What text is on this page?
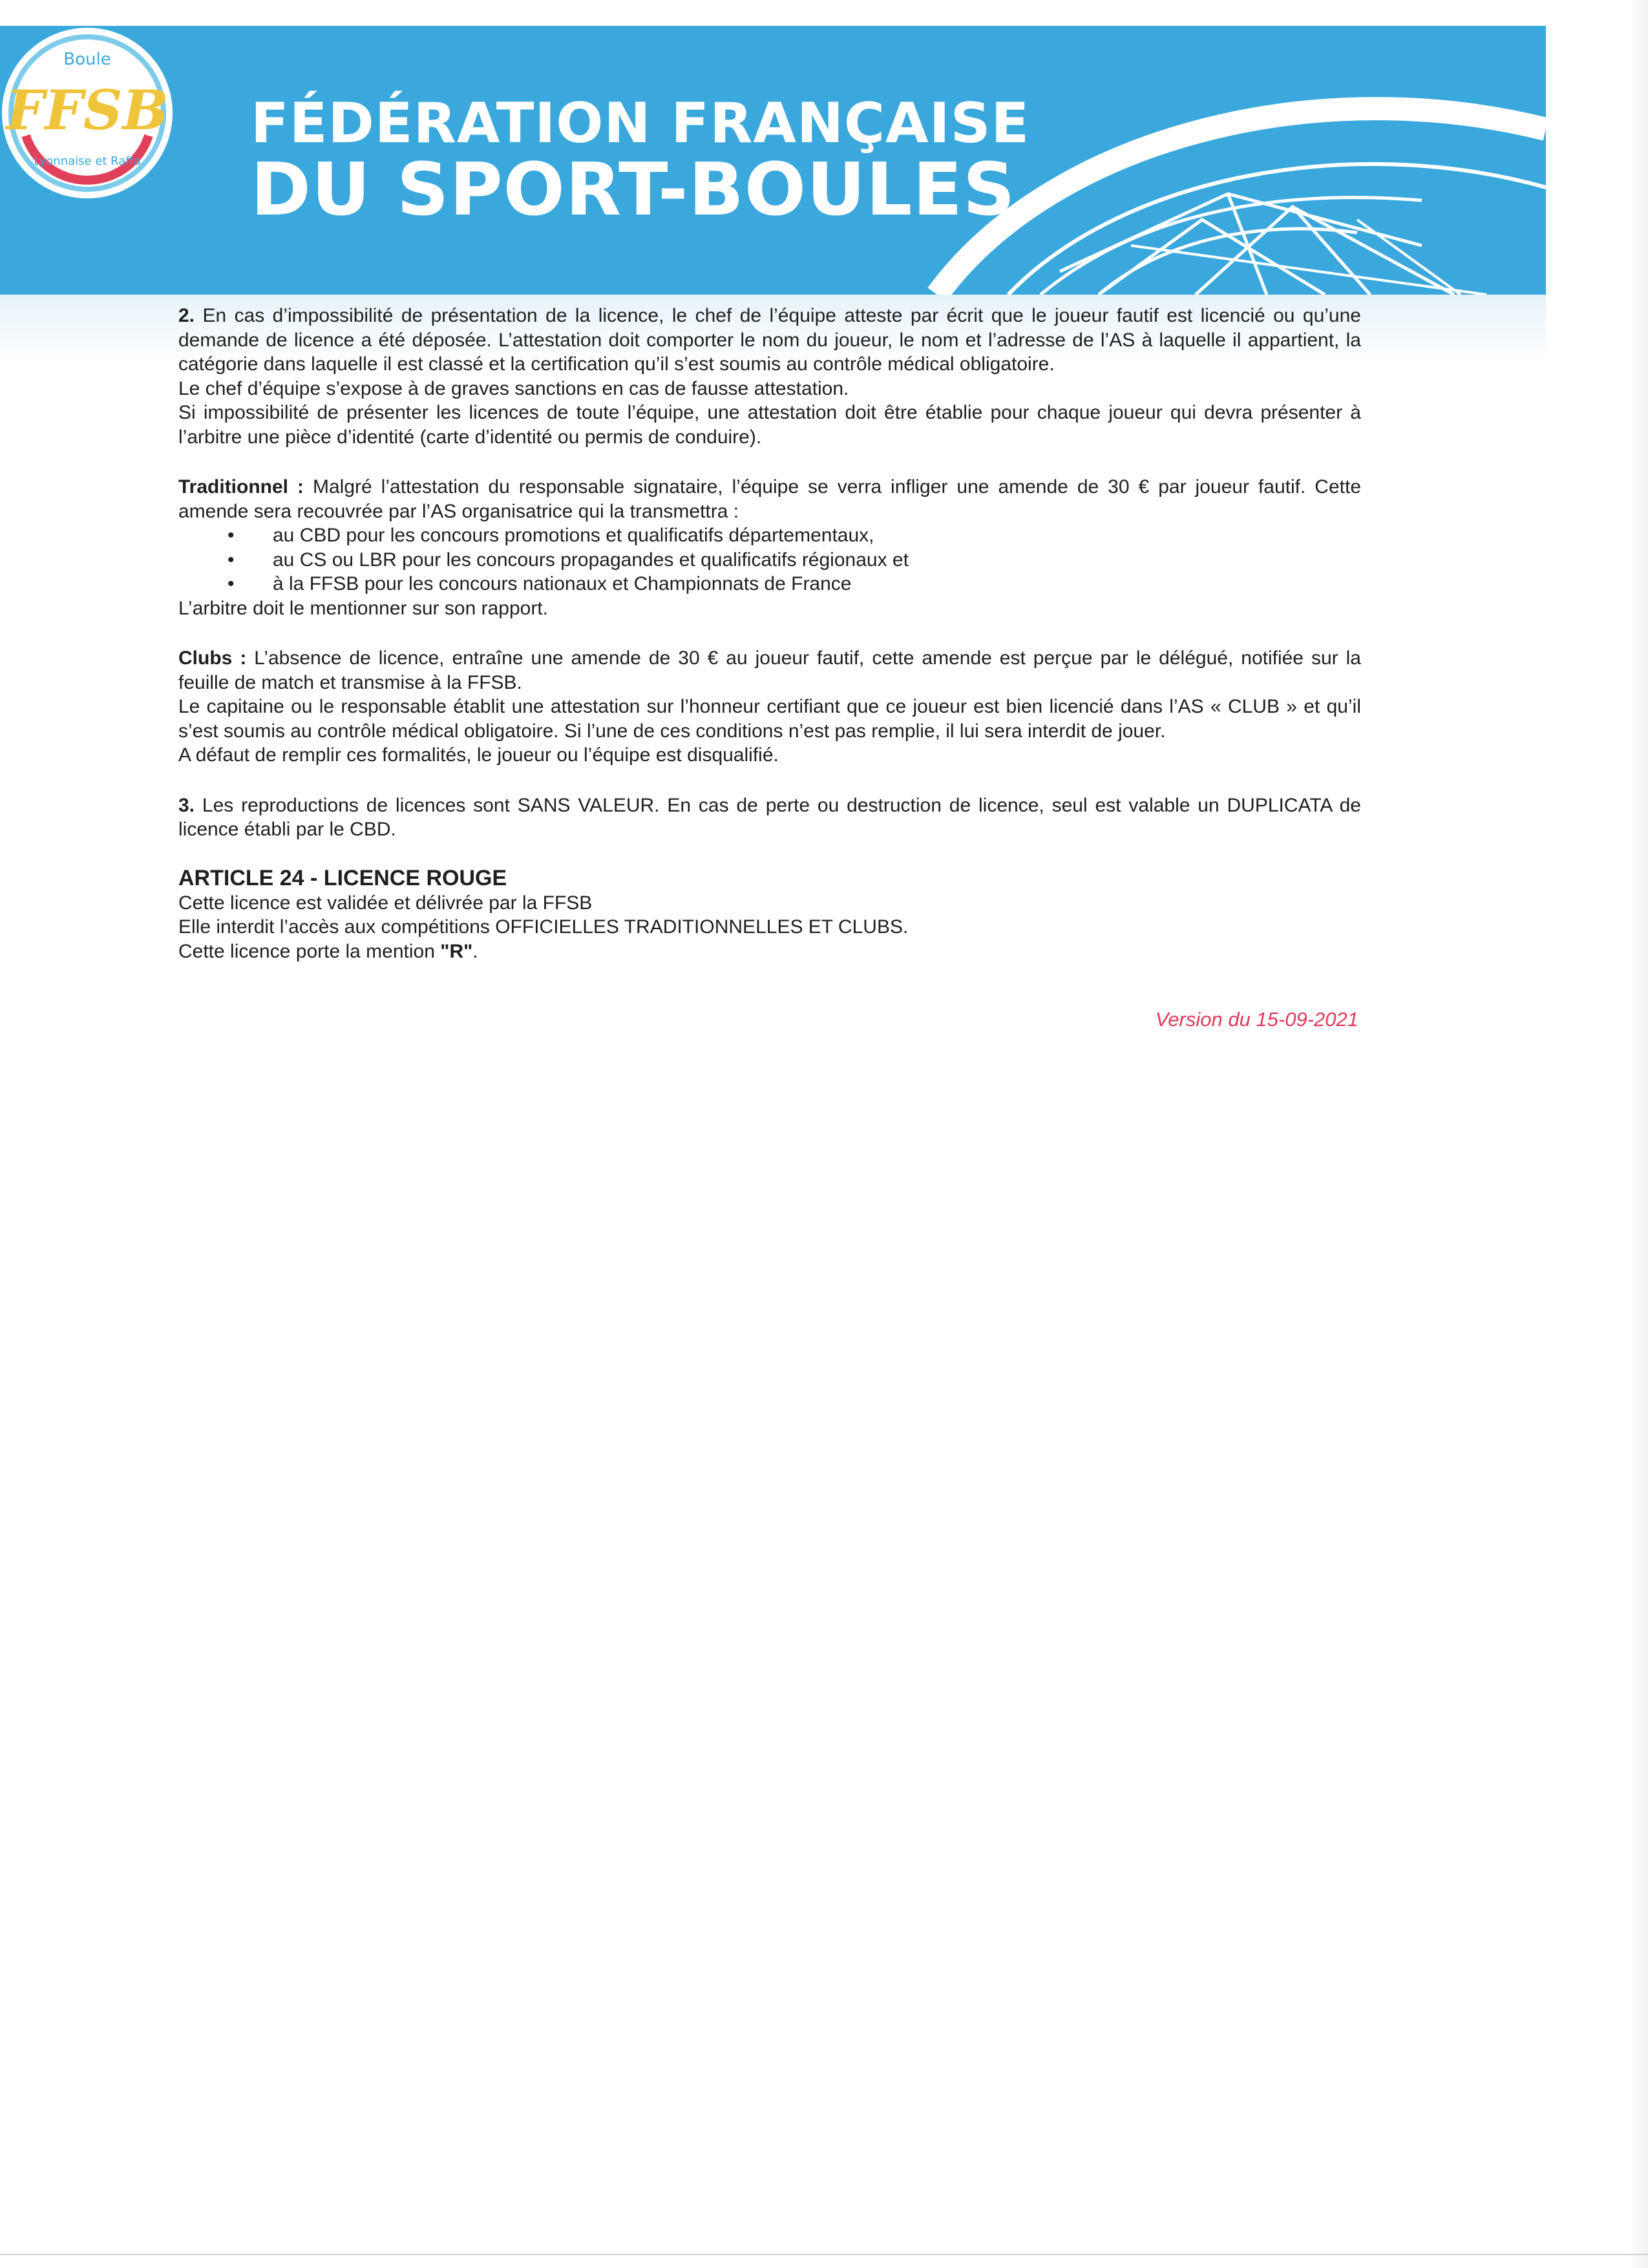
Boule
FFSB
Lyonnaise et Raffa
FÉDÉRATION FRANÇAISE
DU SPORT-BOULES

2. En cas d’impossibilité de présentation de la licence, le chef de l’équipe atteste par écrit que le joueur fautif est licencié ou qu’une demande de licence a été déposée. L’attestation doit comporter le nom du joueur, le nom et l’adresse de l’AS à laquelle il appartient, la catégorie dans laquelle il est classé et la certification qu’il s’est soumis au contrôle médical obligatoire.

Le chef d’équipe s’expose à de graves sanctions en cas de fausse attestation.

Si impossibilité de présenter les licences de toute l’équipe, une attestation doit être établie pour chaque joueur qui devra présenter à l’arbitre une pièce d’identité (carte d’identité ou permis de conduire).

Traditionnel : Malgré l’attestation du responsable signataire, l’équipe se verra infliger une amende de 30 € par joueur fautif. Cette amende sera recouvrée par l’AS organisatrice qui la transmettra :

• au CBD pour les concours promotions et qualificatifs départementaux,
• au CS ou LBR pour les concours propagandes et qualificatifs régionaux et
• à la FFSB pour les concours nationaux et Championnats de France

L’arbitre doit le mentionner sur son rapport.

Clubs : L’absence de licence, entraîne une amende de 30 € au joueur fautif, cette amende est perçue par le délégué, notifiée sur la feuille de match et transmise à la FFSB.

Le capitaine ou le responsable établit une attestation sur l’honneur certifiant que ce joueur est bien licencié dans l’AS « CLUB » et qu’il s’est soumis au contrôle médical obligatoire. Si l’une de ces conditions n’est pas remplie, il lui sera interdit de jouer.

A défaut de remplir ces formalités, le joueur ou l’équipe est disqualifié.

3. Les reproductions de licences sont SANS VALEUR. En cas de perte ou destruction de licence, seul est valable un DUPLICATA de licence établi par le CBD.

ARTICLE 24 - LICENCE ROUGE

Cette licence est validée et délivrée par la FFSB

Elle interdit l’accès aux compétitions OFFICIELLES TRADITIONNELLES ET CLUBS.

Cette licence porte la mention "R".

Version du 15-09-2021
